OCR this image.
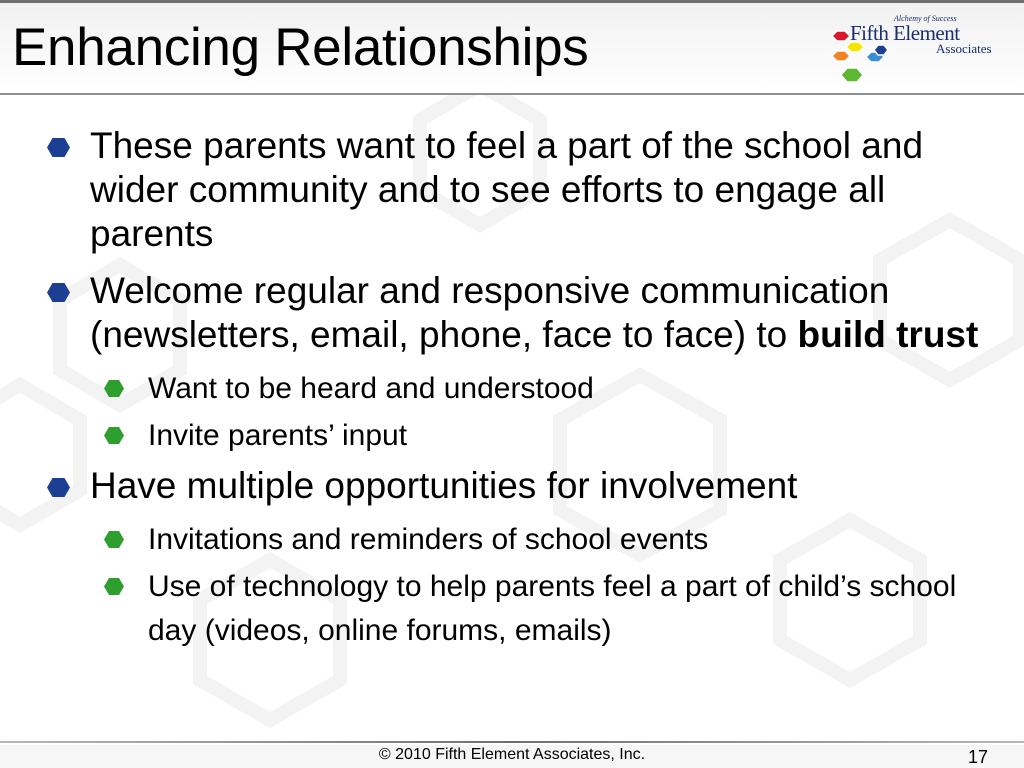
Enhancing Relationships	Alchemy of Success
Fifth Element
Associates
These parents want to feel a part of the school and wider community and to see efforts to engage all parents
Welcome regular and responsive communication (newsletters, email, phone, face to face) to build trust
Want to be heard and understood
Invite parents’ input
Have multiple opportunities for involvement
Invitations and reminders of school events
Use of technology to help parents feel a part of child’s school day (videos, online forums, emails)
© 2010 Fifth Element Associates, Inc.	17
